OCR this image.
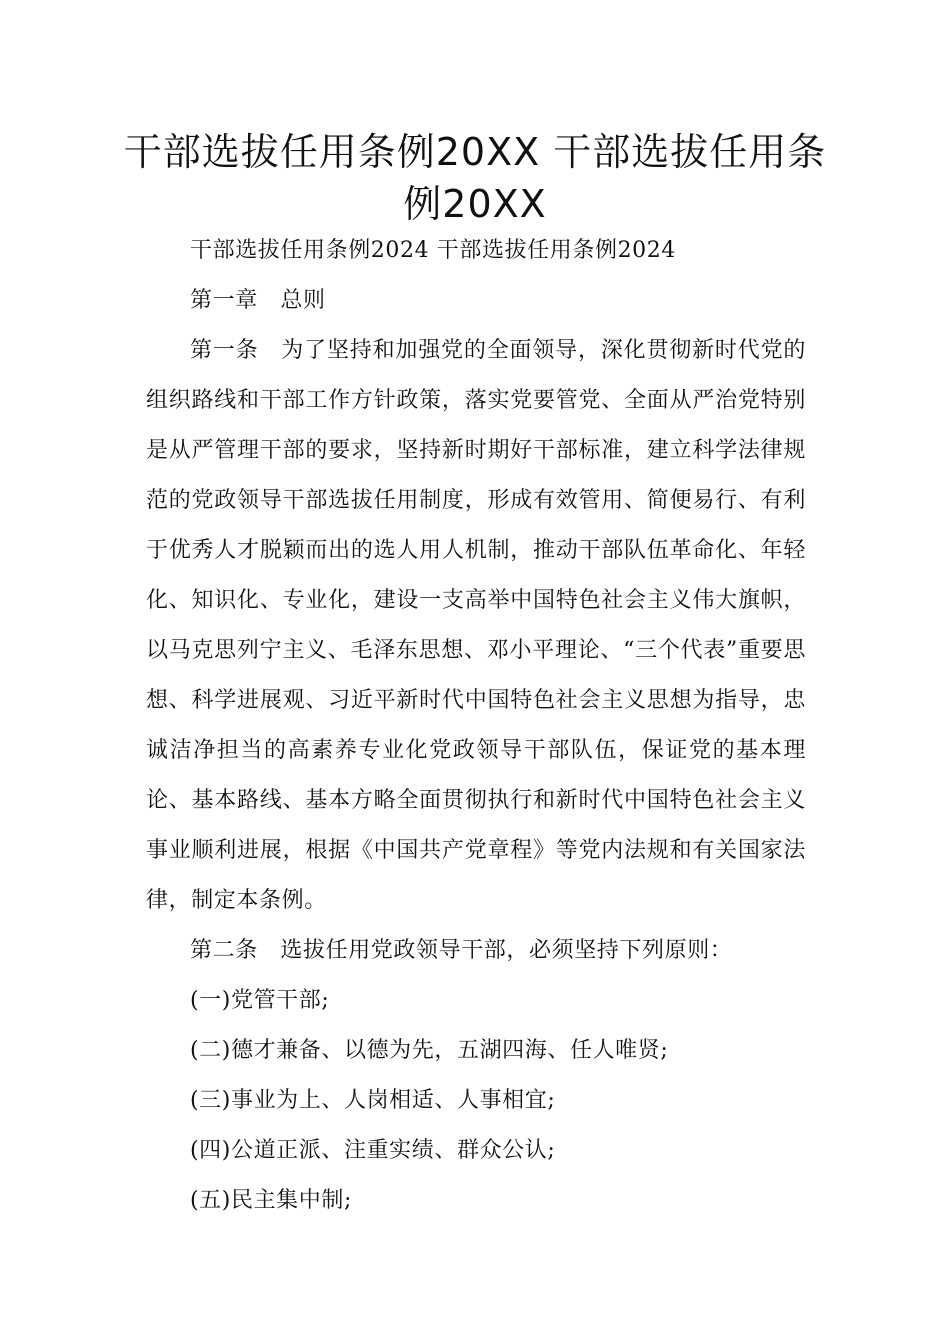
干部选拔任用条例20XX 干部选拔任用条例20XX

干部选拔任用条例2024 干部选拔任用条例2024

第一章　总则

第一条　为了坚持和加强党的全面领导，深化贯彻新时代党的组织路线和干部工作方针政策，落实党要管党、全面从严治党特别是从严管理干部的要求，坚持新时期好干部标准，建立科学法律规范的党政领导干部选拔任用制度，形成有效管用、简便易行、有利于优秀人才脱颖而出的选人用人机制，推动干部队伍革命化、年轻化、知识化、专业化，建设一支高举中国特色社会主义伟大旗帜，以马克思列宁主义、毛泽东思想、邓小平理论、“三个代表”重要思想、科学进展观、习近平新时代中国特色社会主义思想为指导，忠诚洁净担当的高素养专业化党政领导干部队伍，保证党的基本理论、基本路线、基本方略全面贯彻执行和新时代中国特色社会主义事业顺利进展，根据《中国共产党章程》等党内法规和有关国家法律，制定本条例。

第二条　选拔任用党政领导干部，必须坚持下列原则：

(一)党管干部;

(二)德才兼备、以德为先，五湖四海、任人唯贤;

(三)事业为上、人岗相适、人事相宜;

(四)公道正派、注重实绩、群众公认;

(五)民主集中制;
